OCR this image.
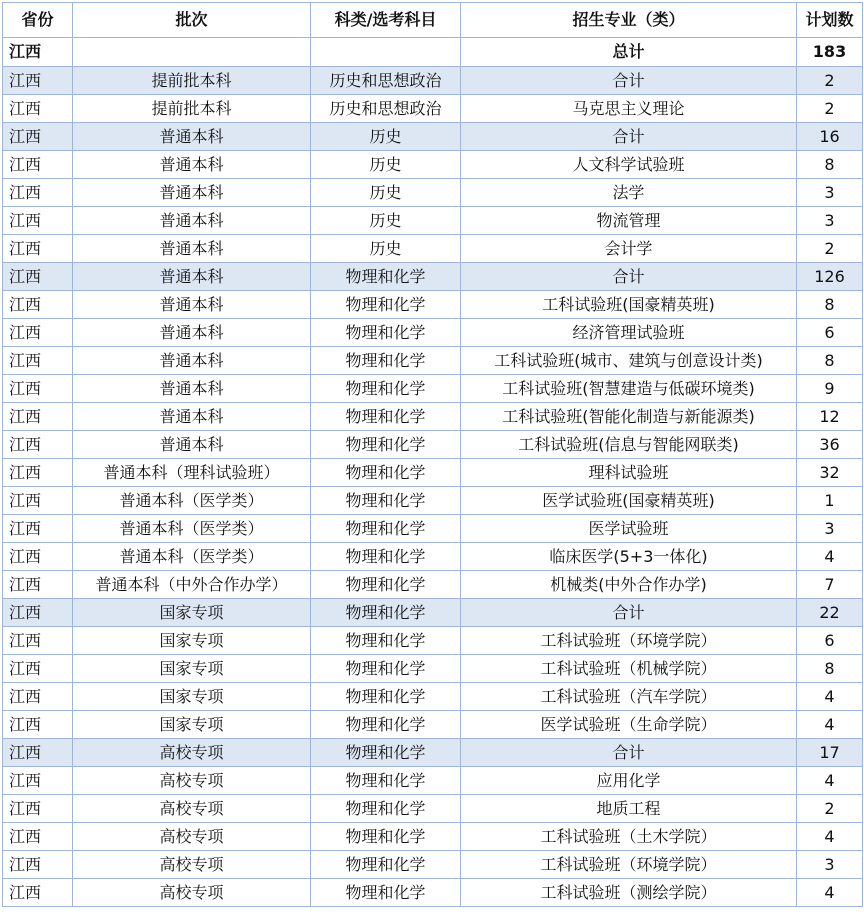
省份	批次	科类/选考科目	招生专业（类）	计划数
江西			总计	183
江西	提前批本科	历史和思想政治	合计	2
江西	提前批本科	历史和思想政治	马克思主义理论	2
江西	普通本科	历史	合计	16
江西	普通本科	历史	人文科学试验班	8
江西	普通本科	历史	法学	3
江西	普通本科	历史	物流管理	3
江西	普通本科	历史	会计学	2
江西	普通本科	物理和化学	合计	126
江西	普通本科	物理和化学	工科试验班(国豪精英班)	8
江西	普通本科	物理和化学	经济管理试验班	6
江西	普通本科	物理和化学	工科试验班(城市、建筑与创意设计类)	8
江西	普通本科	物理和化学	工科试验班(智慧建造与低碳环境类)	9
江西	普通本科	物理和化学	工科试验班(智能化制造与新能源类)	12
江西	普通本科	物理和化学	工科试验班(信息与智能网联类)	36
江西	普通本科（理科试验班）	物理和化学	理科试验班	32
江西	普通本科（医学类）	物理和化学	医学试验班(国豪精英班)	1
江西	普通本科（医学类）	物理和化学	医学试验班	3
江西	普通本科（医学类）	物理和化学	临床医学(5+3一体化)	4
江西	普通本科（中外合作办学）	物理和化学	机械类(中外合作办学)	7
江西	国家专项	物理和化学	合计	22
江西	国家专项	物理和化学	工科试验班（环境学院）	6
江西	国家专项	物理和化学	工科试验班（机械学院）	8
江西	国家专项	物理和化学	工科试验班（汽车学院）	4
江西	国家专项	物理和化学	医学试验班（生命学院）	4
江西	高校专项	物理和化学	合计	17
江西	高校专项	物理和化学	应用化学	4
江西	高校专项	物理和化学	地质工程	2
江西	高校专项	物理和化学	工科试验班（土木学院）	4
江西	高校专项	物理和化学	工科试验班（环境学院）	3
江西	高校专项	物理和化学	工科试验班（测绘学院）	4
